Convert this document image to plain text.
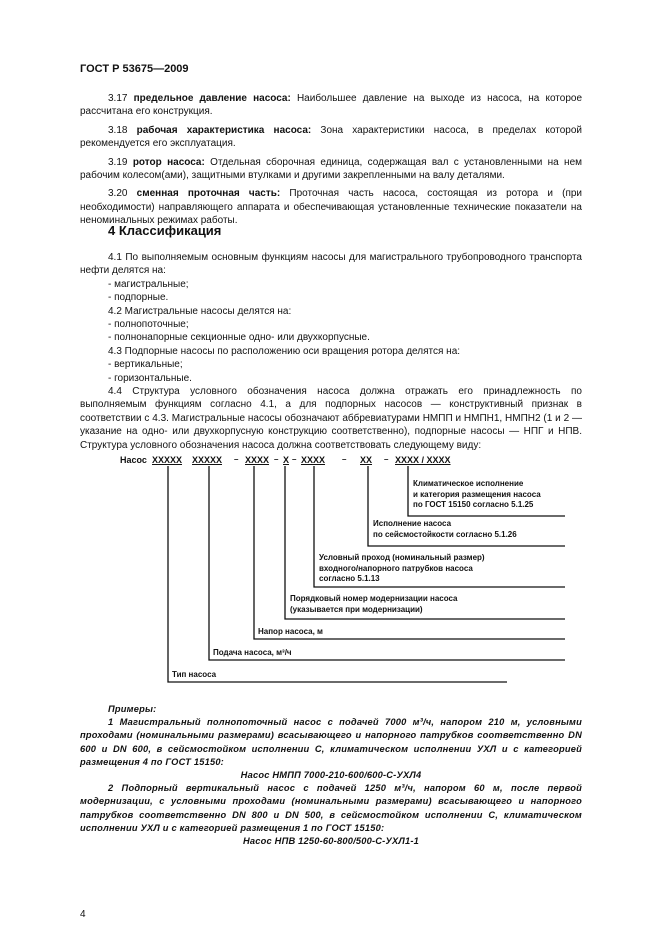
ГОСТ Р 53675—2009

3.17 предельное давление насоса: Наибольшее давление на выходе из насоса, на которое рассчитана его конструкция.

3.18 рабочая характеристика насоса: Зона характеристики насоса, в пределах которой рекомендуется его эксплуатация.

3.19 ротор насоса: Отдельная сборочная единица, содержащая вал с установленными на нем рабочим колесом(ами), защитными втулками и другими закрепленными на валу деталями.

3.20 сменная проточная часть: Проточная часть насоса, состоящая из ротора и (при необходимости) направляющего аппарата и обеспечивающая установленные технические показатели на неноминальных режимах работы.

4 Классификация

4.1 По выполняемым основным функциям насосы для магистрального трубопроводного транспорта нефти делятся на:

- магистральные;

- подпорные.

4.2 Магистральные насосы делятся на:

- полнопоточные;

- полнонапорные секционные одно- или двухкорпусные.

4.3 Подпорные насосы по расположению оси вращения ротора делятся на:

- вертикальные;

- горизонтальные.

4.4 Структура условного обозначения насоса должна отражать его принадлежность по выполняемым функциям согласно 4.1, а для подпорных насосов — конструктивный признак в соответствии с 4.3. Магистральные насосы обозначают аббревиатурами НМПП и НМПН1, НМПН2 (1 и 2 — указание на одно- или двухкорпусную конструкцию соответственно), подпорные насосы — НПГ и НПВ. Структура условного обозначения насоса должна соответствовать следующему виду:

Насос XXXXX XXXXX – XXXX – X – XXXX – XX – XXXX / XXXX
Климатическое исполнение
и категория размещения насоса
по ГОСТ 15150 согласно 5.1.25
Исполнение насоса
по сейсмостойкости согласно 5.1.26
Условный проход (номинальный размер)
входного/напорного патрубков насоса
согласно 5.1.13
Порядковый номер модернизации насоса
(указывается при модернизации)
Напор насоса, м
Подача насоса, м³/ч
Тип насоса

Примеры:

1 Магистральный полнопоточный насос с подачей 7000 м³/ч, напором 210 м, условными проходами (номинальными размерами) всасывающего и напорного патрубков соответственно DN 600 и DN 600, в сейсмостойком исполнении С, климатическом исполнении УХЛ и с категорией размещения 4 по ГОСТ 15150:

Насос НМПП 7000-210-600/600-С-УХЛ4

2 Подпорный вертикальный насос с подачей 1250 м³/ч, напором 60 м, после первой модернизации, с условными проходами (номинальными размерами) всасывающего и напорного патрубков соответственно DN 800 и DN 500, в сейсмостойком исполнении С, климатическом исполнении УХЛ и с категорией размещения 1 по ГОСТ 15150:

Насос НПВ 1250-60-800/500-С-УХЛ1-1

4
